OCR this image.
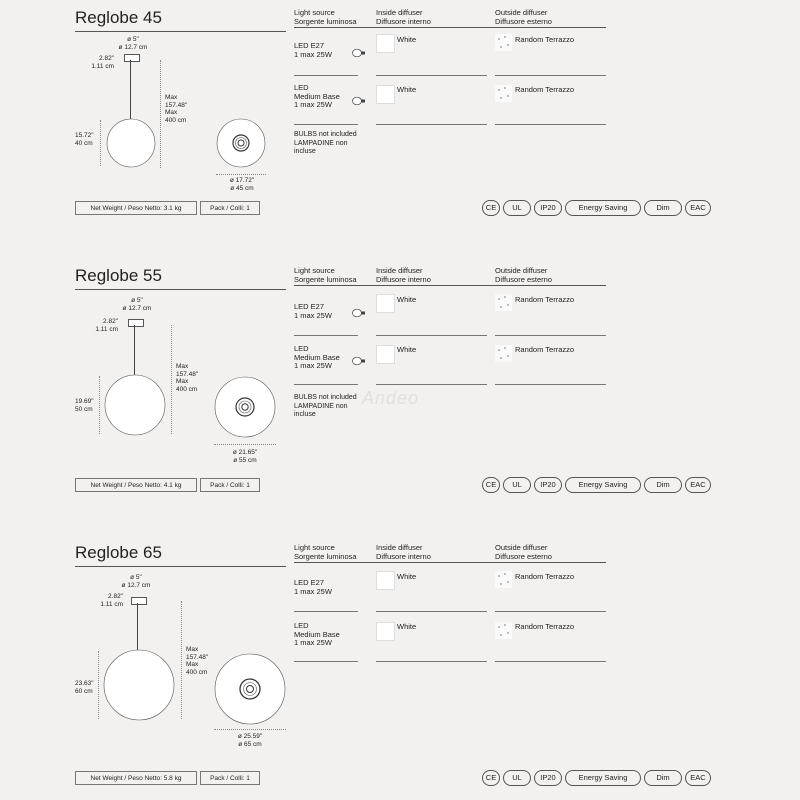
Reglobe 45
ø 5"
ø 12.7 cm
2.82"
1.11 cm
Max
157.48"
Max
400 cm
15.72"
40 cm
ø 17.72"
ø 45 cm
Light source
Sorgente luminosa
Inside diffuser
Diffusore interno
Outside diffuser
Diffusore esterno
LED E27
1 max 25W
White	Random Terrazzo
LED
Medium Base
1 max 25W
White	Random Terrazzo
BULBS not included
LAMPADINE non
incluse
Net Weight / Peso Netto: 3.1 kg	Pack / Colli: 1	CE	UL	IP20	Energy Saving	Dim	EAC
Reglobe 55
ø 5"
ø 12.7 cm
2.82"
1.11 cm
Max
157.48"
Max
400 cm
19.69"
50 cm
ø 21.65"
ø 55 cm
Light source
Sorgente luminosa
Inside diffuser
Diffusore interno
Outside diffuser
Diffusore esterno
LED E27
1 max 25W
White	Random Terrazzo
LED
Medium Base
1 max 25W
White	Random Terrazzo
BULBS not included
LAMPADINE non
incluse
Net Weight / Peso Netto: 4.1 kg	Pack / Colli: 1	CE	UL	IP20	Energy Saving	Dim	EAC
Andeo
Reglobe 65
ø 5"
ø 12.7 cm
2.82"
1.11 cm
Max
157.48"
Max
400 cm
23.63"
60 cm
ø 25.59"
ø 65 cm
Light source
Sorgente luminosa
Inside diffuser
Diffusore interno
Outside diffuser
Diffusore esterno
LED E27
1 max 25W
White	Random Terrazzo
LED
Medium Base
1 max 25W
White	Random Terrazzo
Net Weight / Peso Netto: 5.8 kg	Pack / Colli: 1	CE	UL	IP20	Energy Saving	Dim	EAC
